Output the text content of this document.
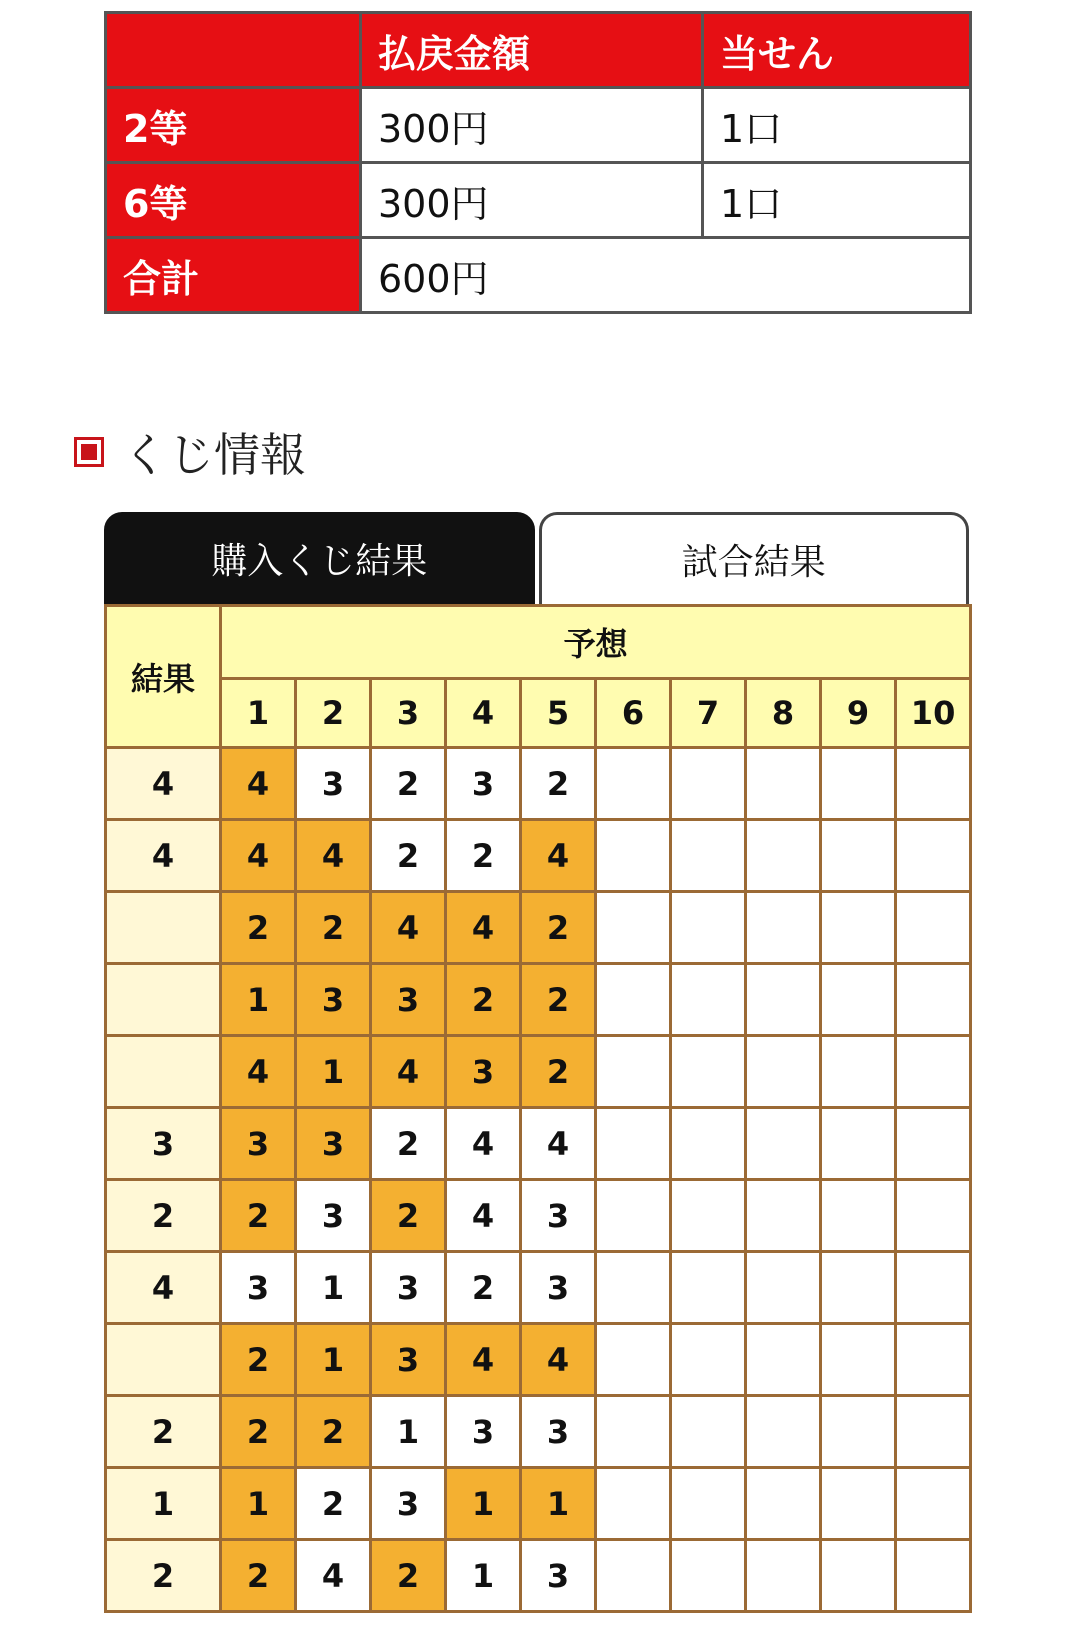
	払戻金額	当せん
2等	300円	1口
6等	300円	1口
合計	600円	
くじ情報
購入くじ結果	試合結果
結果	予想									
	1	2	3	4	5	6	7	8	9	10
4	4	3	2	3	2					
4	4	4	2	2	4					
	2	2	4	4	2					
	1	3	3	2	2					
	4	1	4	3	2					
3	3	3	2	4	4					
2	2	3	2	4	3					
4	3	1	3	2	3					
	2	1	3	4	4					
2	2	2	1	3	3					
1	1	2	3	1	1					
2	2	4	2	1	3					
